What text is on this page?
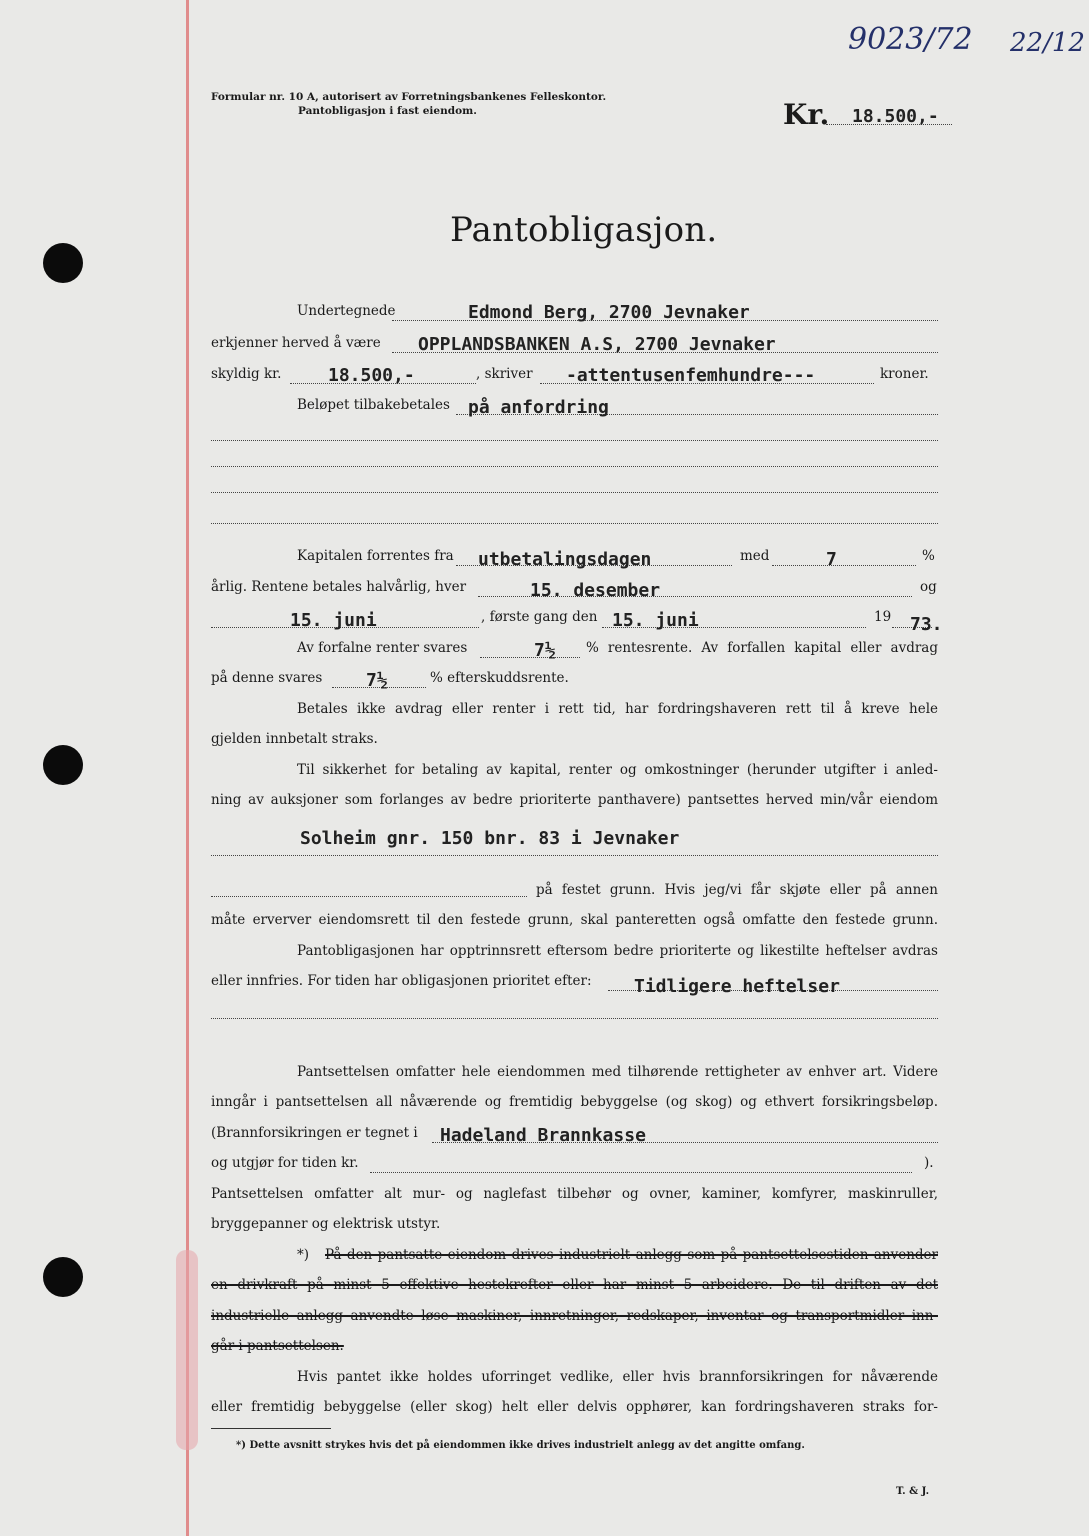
9023/72 22/12
Formular nr. 10 A, autorisert av Forretningsbankenes Felleskontor.
Pantobligasjon i fast eiendom.	Kr. 18.500,-
Pantobligasjon.
Undertegnede	Edmond Berg, 2700 Jevnaker
erkjenner herved å være OPPLANDSBANKEN A.S, 2700 Jevnaker
skyldig kr.	18.500,-	, skriver -attentusenfemhundre---	kroner.
Beløpet tilbakebetales på anfordring
Kapitalen forrentes fra utbetalingsdagen	med	7	%
årlig. Rentene betales halvårlig, hver	15. desember	og
15. juni	, første gang den 15. juni	19 73.
Av forfalne renter svares	7½ % rentesrente. Av forfallen kapital eller avdrag
på denne svares 7½	% efterskuddsrente.
Betales ikke avdrag eller renter i rett tid, har fordringshaveren rett til å kreve hele
gjelden innbetalt straks.
Til sikkerhet for betaling av kapital, renter og omkostninger (herunder utgifter i anled-
ning av auksjoner som forlanges av bedre prioriterte panthavere) pantsettes herved min/vår eiendom
Solheim gnr. 150 bnr. 83 i Jevnaker
på festet grunn. Hvis jeg/vi får skjøte eller på annen
måte erverver eiendomsrett til den festede grunn, skal panteretten også omfatte den festede grunn.
Pantobligasjonen har opptrinnsrett eftersom bedre prioriterte og likestilte heftelser avdras
eller innfries. For tiden har obligasjonen prioritet efter: Tidligere heftelser
Pantsettelsen omfatter hele eiendommen med tilhørende rettigheter av enhver art. Videre
inngår i pantsettelsen all nåværende og fremtidig bebyggelse (og skog) og ethvert forsikringsbeløp.
(Brannforsikringen er tegnet i Hadeland Brannkasse
og utgjør for tiden kr.	).
Pantsettelsen omfatter alt mur- og naglefast tilbehør og ovner, kaminer, komfyrer, maskinruller,
bryggepanner og elektrisk utstyr.
*) På den pantsatte eiendom drives industrielt anlegg som på pantsettelsestiden anvender
en drivkraft på minst 5 effektive hestekrefter eller har minst 5 arbeidere. De til driften av det
industrielle anlegg anvendte løse maskiner, innretninger, redskaper, inventar og transportmidler inn-
går i pantsettelsen.
Hvis pantet ikke holdes uforringet vedlike, eller hvis brannforsikringen for nåværende
eller fremtidig bebyggelse (eller skog) helt eller delvis opphører, kan fordringshaveren straks for-
*) Dette avsnitt strykes hvis det på eiendommen ikke drives industrielt anlegg av det angitte omfang.
T. & J.
